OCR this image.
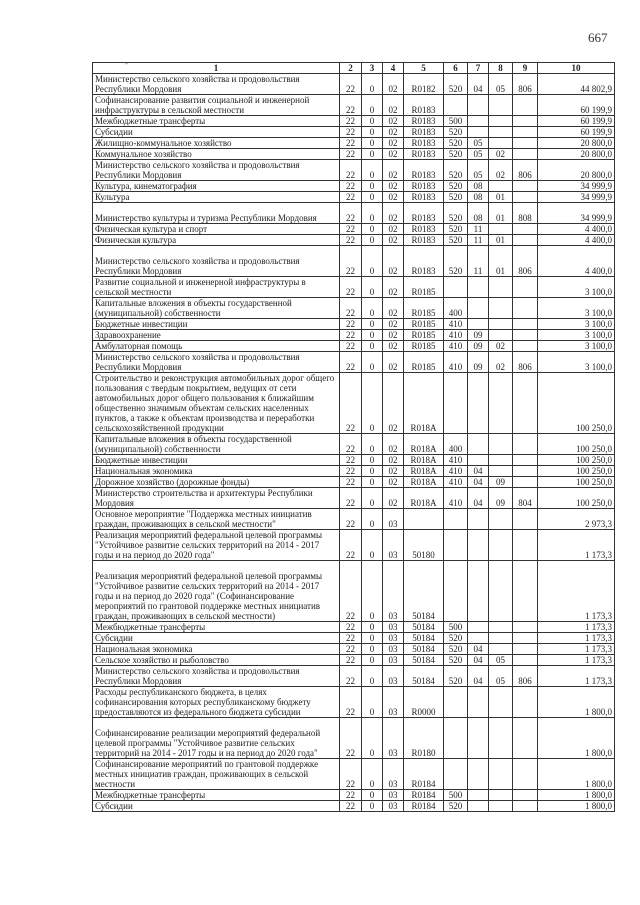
667
-	1	2	3	4	5	6	7	8	9	10
Министерство сельского хозяйства и продовольствия Республики Мордовия	22	0	02	R0182	520	04	05	806	44 802,9
Софинансирование развития социальной и инженерной инфраструктуры в сельской местности	22	0	02	R0183					60 199,9
Межбюджетные трансферты	22	0	02	R0183	500				60 199,9
Субсидии	22	0	02	R0183	520				60 199,9
Жилищно-коммунальное хозяйство	22	0	02	R0183	520	05			20 800,0
Коммунальное хозяйство	22	0	02	R0183	520	05	02		20 800,0
Министерство сельского хозяйства и продовольствия Республики Мордовия	22	0	02	R0183	520	05	02	806	20 800,0
Культура, кинематография	22	0	02	R0183	520	08			34 999,9
Культура	22	0	02	R0183	520	08	01		34 999,9
Министерство культуры и туризма Республики Мордовия	22	0	02	R0183	520	08	01	808	34 999,9
Физическая культура и спорт	22	0	02	R0183	520	11			4 400,0
Физическая культура	22	0	02	R0183	520	11	01		4 400,0
Министерство сельского хозяйства и продовольствия Республики Мордовия	22	0	02	R0183	520	11	01	806	4 400,0
Развитие социальной и инженерной инфраструктуры в сельской местности	22	0	02	R0185					3 100,0
Капитальные вложения в объекты государственной (муниципальной) собственности	22	0	02	R0185	400				3 100,0
Бюджетные инвестиции	22	0	02	R0185	410				3 100,0
Здравоохранение	22	0	02	R0185	410	09			3 100,0
Амбулаторная помощь	22	0	02	R0185	410	09	02		3 100,0
Министерство сельского хозяйства и продовольствия Республики Мордовия	22	0	02	R0185	410	09	02	806	3 100,0
Строительство и реконструкция автомобильных дорог общего пользования с твердым покрытием, ведущих от сети автомобильных дорог общего пользования к ближайшим общественно значимым объектам сельских населенных пунктов, а также к объектам производства и переработки сельскохозяйственной продукции	22	0	02	R018A					100 250,0
Капитальные вложения в объекты государственной (муниципальной) собственности	22	0	02	R018A	400				100 250,0
Бюджетные инвестиции	22	0	02	R018A	410				100 250,0
Национальная экономика	22	0	02	R018A	410	04			100 250,0
Дорожное хозяйство (дорожные фонды)	22	0	02	R018A	410	04	09		100 250,0
Министерство строительства и архитектуры Республики Мордовия	22	0	02	R018A	410	04	09	804	100 250,0
Основное мероприятие "Поддержка местных инициатив граждан, проживающих в сельской местности"	22	0	03						2 973,3
Реализация мероприятий федеральной целевой программы "Устойчивое развитие сельских территорий на 2014 - 2017 годы и на период до 2020 года"	22	0	03	50180					1 173,3
Реализация мероприятий федеральной целевой программы "Устойчивое развитие сельских территорий на 2014 - 2017 годы и на период до 2020 года" (Софинансирование мероприятий по грантовой поддержке местных инициатив граждан, проживающих в сельской местности)	22	0	03	50184					1 173,3
Межбюджетные трансферты	22	0	03	50184	500				1 173,3
Субсидии	22	0	03	50184	520				1 173,3
Национальная экономика	22	0	03	50184	520	04			1 173,3
Сельское хозяйство и рыболовство	22	0	03	50184	520	04	05		1 173,3
Министерство сельского хозяйства и продовольствия Республики Мордовия	22	0	03	50184	520	04	05	806	1 173,3
Расходы республиканского бюджета, в целях софинансирования которых республиканскому бюджету предоставляются из федерального бюджета субсидии	22	0	03	R0000					1 800,0
Софинансирование реализации мероприятий федеральной целевой программы "Устойчивое развитие сельских территорий на 2014 - 2017 годы и на период до 2020 года"	22	0	03	R0180					1 800,0
Софинансирование мероприятий по грантовой поддержке местных инициатив граждан, проживающих в сельской местности	22	0	03	R0184					1 800,0
Межбюджетные трансферты	22	0	03	R0184	500				1 800,0
Субсидии	22	0	03	R0184	520				1 800,0
